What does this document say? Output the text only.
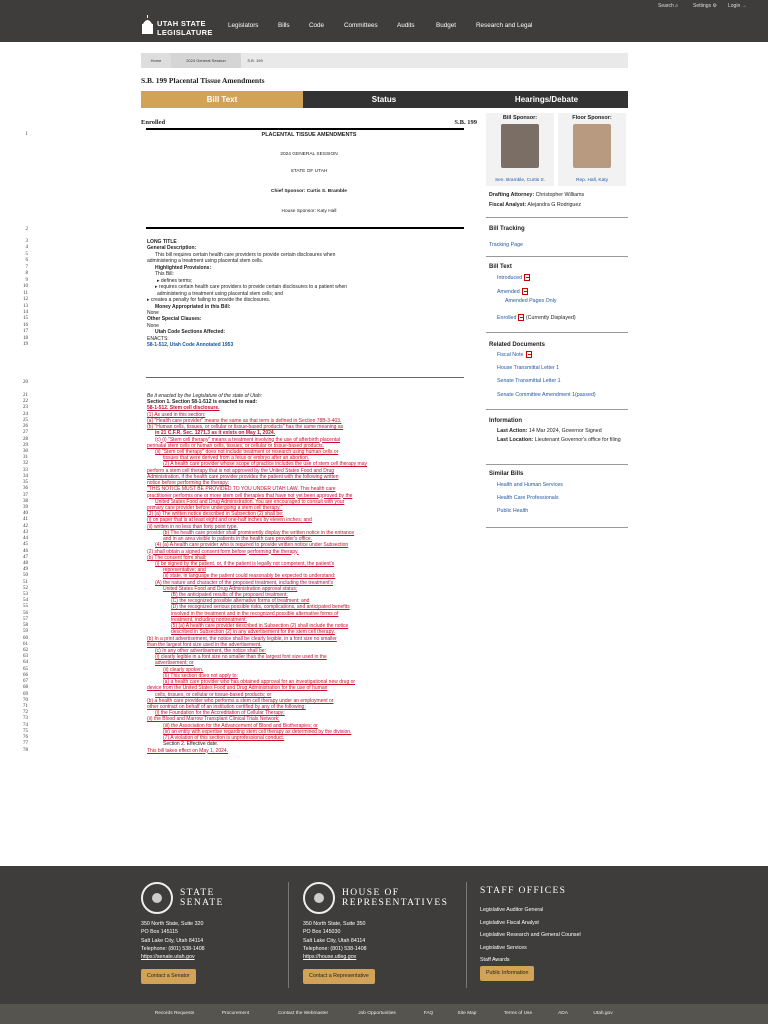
Search ⌕	Settings ⚙ Login →
UTAH STATE
LEGISLATURE
Legislators	Bills	Code	Committees	Audits	Budget	Research and Legal
Home	2024 General Session	S.B. 199
S.B. 199 Placental Tissue Amendments
Bill Text	Status	Hearings/Debate
Enrolled	S.B. 199
1	PLACENTAL TISSUE AMENDMENTS
2024 GENERAL SESSION
STATE OF UTAH
Chief Sponsor: Curtis S. Bramble
House Sponsor: Katy Hall
2
3	LONG TITLE
4	General Description:
5	This bill requires certain health care providers to provide certain disclosures when
6	administering a treatment using placental stem cells.
7	Highlighted Provisions:
8	This Bill:
9	▸ defines terms;
10	▸ requires certain health care providers to provide certain disclosures to a patient when
11	administering a treatment using placental stem cells; and
12	▸ creates a penalty for failing to provide the disclosures.
13	Money Appropriated in this Bill:
14	None
15	Other Special Clauses:
16	None
17	Utah Code Sections Affected:
18	ENACTS:
19	58-1-512, Utah Code Annotated 1953
20
21	Be it enacted by the Legislature of the state of Utah:
22	Section 1. Section 58-1-512 is enacted to read:
23	58-1-512. Stem cell disclosure.
24	(1) As used in this section:
25	(a) "Health care provider" means the same as that term is defined in Section 78B-3-403.
26	(b) "Human cells, tissues, or cellular or tissue-based products" has the same meaning as
27	in 21 C.F.R. Sec. 1271.3 as it exists on May 1, 2024.
28	(c) (i) "Stem cell therapy" means a treatment involving the use of afterbirth placental
29	perinatal stem cells or human cells, tissues, or cellular or tissue-based products.
30	(ii) "Stem cell therapy" does not include treatment or research using human cells or
31	tissues that were derived from a fetus or embryo after an abortion.
32	(2) A health care provider whose scope of practice includes the use of stem cell therapy may
33	perform a stem cell therapy that is not approved by the United States Food and Drug
34	Administration, if the health care provider provides the patient with the following written
35	notice before performing the therapy:
36	"THIS NOTICE MUST BE PROVIDED TO YOU UNDER UTAH LAW. This health care
37	practitioner performs one or more stem cell therapies that have not yet been approved by the
38	United States Food and Drug Administration. You are encouraged to consult with your
39	primary care provider before undergoing a stem cell therapy."
40	(3) (a) The written notice described in Subsection (2) shall be:
41	(i) on paper that is at least eight and one-half inches by eleven inches; and
42	(ii) written in no less than forty point type.
43	(b) The health care provider shall prominently display the written notice in the entrance
44	and in an area visible to patients in the health care provider's office.
45	(4) (a) A health care provider who is required to provide written notice under Subsection
46	(2) shall obtain a signed consent form before performing the therapy.
47	(b) The consent form shall:
48	(i) be signed by the patient, or, if the patient is legally not competent, the patient's
49	representative; and
50	(ii) state, in language the patient could reasonably be expected to understand:
51	(A) the nature and character of the proposed treatment, including the treatment's
52	United States Food and Drug Administration approval status;
53	(B) the anticipated results of the proposed treatment;
54	(C) the recognized possible alternative forms of treatment; and
55	(D) the recognized serious possible risks, complications, and anticipated benefits
56	involved in the treatment and in the recognized possible alternative forms of
57	treatment, including nontreatment.
58	(5) (a) A health care provider described in Subsection (2) shall include the notice
59	described in Subsection (2) in any advertisement for the stem cell therapy.
60	(b) In a print advertisement, the notice shall be clearly legible, in a font size no smaller
61	than the largest font size used in the advertisement.
62	(c) In any other advertisement, the notice shall be:
63	(i) clearly legible in a font size no smaller than the largest font size used in the
64	advertisement; or
65	(ii) clearly spoken.
66	(6) This section does not apply to:
67	(a) a health care provider who has obtained approval for an investigational new drug or
68	device from the United States Food and Drug Administration for the use of human
69	cells, tissues, or cellular or tissue-based products; or
70	(b) a health care provider who performs a stem cell therapy under an employment or
71	other contract on behalf of an institution certified by any of the following:
72	(i) the Foundation for the Accreditation of Cellular Therapy;
73	(ii) the Blood and Marrow Transplant Clinical Trials Network;
74	(iii) the Association for the Advancement of Blood and Biotherapies; or
75	(iv) an entity with expertise regarding stem cell therapy as determined by the division.
76	(7) A violation of this section is unprofessional conduct.
77	Section 2. Effective date.
78	This bill takes effect on May 1, 2024.
Bill Sponsor:
Sen. Bramble, Curtis S.
Floor Sponsor:
Rep. Hall, Katy
Drafting Attorney: Christopher Williams
Fiscal Analyst: Alejandra G Rodriguez
Bill Tracking
Tracking Page
Bill Text
Introduced
Amended
Amended Pages Only
Enrolled (Currently Displayed)
Related Documents
Fiscal Note
House Transmittal Letter 1
Senate Transmittal Letter 1
Senate Committee Amendment 1(passed)
Information
Last Action: 14 Mar 2024, Governor Signed
Last Location: Lieutenant Governor's office for filing
Similar Bills
Health and Human Services
Health Care Professionals
Public Health
STATE
SENATE
350 North State, Suite 320
PO Box 145115
Salt Lake City, Utah 84114
Telephone: (801) 538-1408
https://senate.utah.gov
Contact a Senator
HOUSE OF
REPRESENTATIVES
350 North State, Suite 350
PO Box 145030
Salt Lake City, Utah 84114
Telephone: (801) 538-1408
https://house.utleg.gov
Contact a Representative
STAFF OFFICES
Legislative Auditor General
Legislative Fiscal Analyst
Legislative Research and General Counsel
Legislative Services
Staff Awards
Public Information
Records Requests	Procurement	Contact the Webmaster	Job Opportunities	FAQ	Site Map	Terms of Use	ADA	Utah.gov
